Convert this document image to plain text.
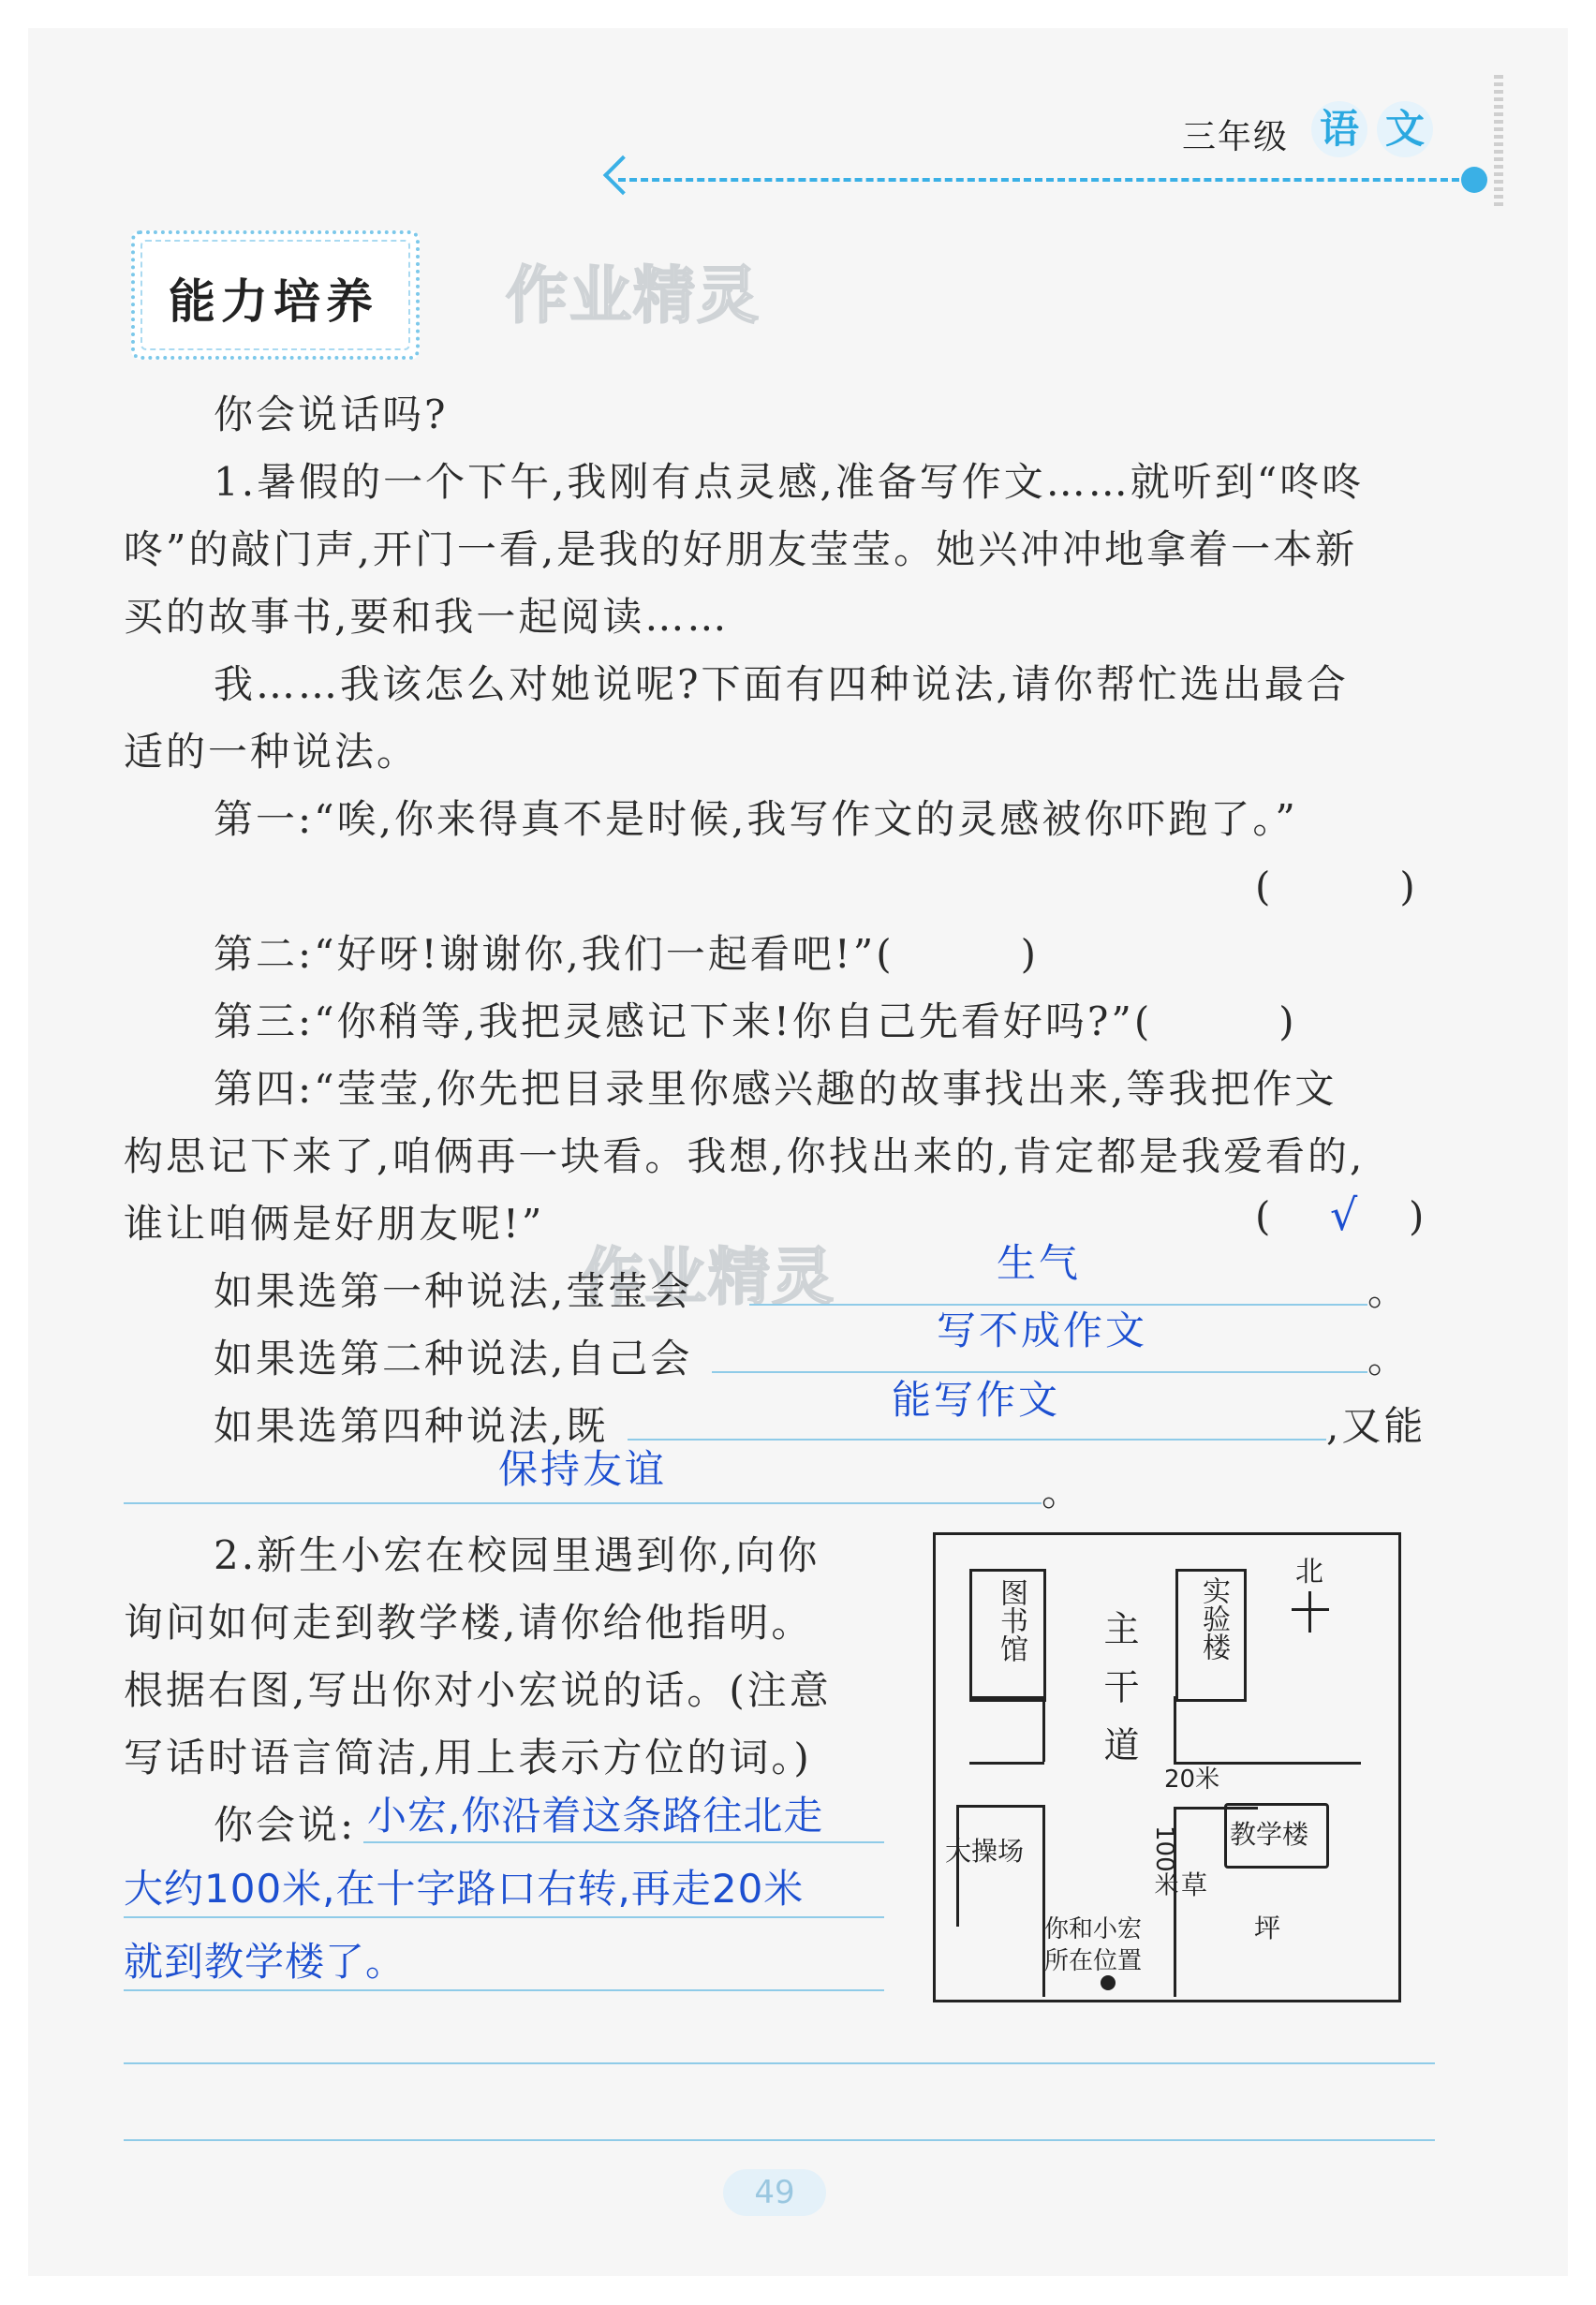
三年级 语 文
能力培养 作业精灵
你会说话吗?
1.暑假的一个下午,我刚有点灵感,准备写作文……就听到“咚咚
咚”的敲门声,开门一看,是我的好朋友莹莹。她兴冲冲地拿着一本新
买的故事书,要和我一起阅读……
我……我该怎么对她说呢?下面有四种说法,请你帮忙选出最合
适的一种说法。
第一:“唉,你来得真不是时候,我写作文的灵感被你吓跑了。”
(　　　)
第二:“好呀!谢谢你,我们一起看吧!”(　　　)
第三:“你稍等,我把灵感记下来!你自己先看好吗?”(　　　)
第四:“莹莹,你先把目录里你感兴趣的故事找出来,等我把作文
构思记下来了,咱俩再一块看。我想,你找出来的,肯定都是我爱看的,
谁让咱俩是好朋友呢!”	( √ )
作业精灵
如果选第一种说法,莹莹会
生气
。
如果选第二种说法,自己会
写不成作文
。
如果选第四种说法,既
能写作文
,又能
保持友谊	。
2.新生小宏在校园里遇到你,向你
询问如何走到教学楼,请你给他指明。
根据右图,写出你对小宏说的话。(注意
写话时语言简洁,用上表示方位的词。)
你会说: 小宏,你沿着这条路往北走
大约100米,在十字路口右转,再走20米
就到教学楼了。
图书馆	实验楼
北
主干道
大操场
20米
教学楼
100米 草
坪
你和小宏
所在位置
49
